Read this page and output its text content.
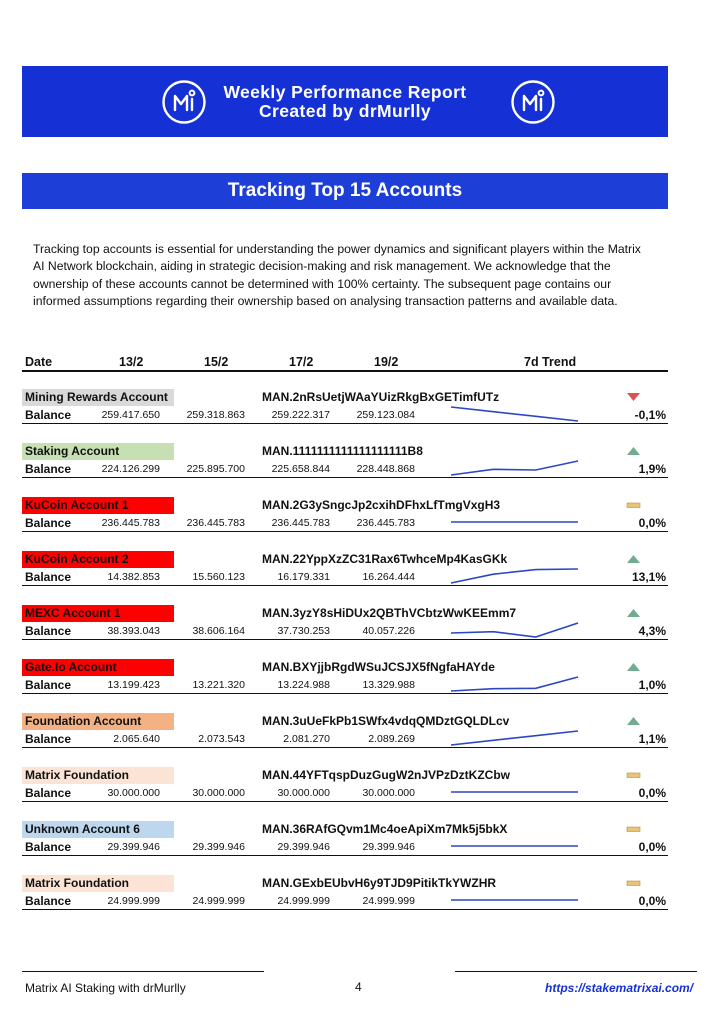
Weekly Performance Report
Created by drMurlly
Tracking Top 15 Accounts

Tracking top accounts is essential for understanding the power dynamics and significant players within the Matrix AI Network blockchain, aiding in strategic decision-making and risk management. We acknowledge that the ownership of these accounts cannot be determined with 100% certainty. The subsequent page contains our informed assumptions regarding their ownership based on analysing transaction patterns and available data.

Date	13/2	15/2	17/2	19/2	7d Trend
Mining Rewards Account	MAN.2nRsUetjWAaYUizRkgBxGETimfUTz
Balance	259.417.650	259.318.863	259.222.317	259.123.084	-0,1%
Staking Account	MAN.1111111111111111111B8
Balance	224.126.299	225.895.700	225.658.844	228.448.868	1,9%
KuCoin Account 1	MAN.2G3ySngcJp2cxihDFhxLfTmgVxgH3
Balance	236.445.783	236.445.783	236.445.783	236.445.783	0,0%
KuCoin Account 2	MAN.22YppXzZC31Rax6TwhceMp4KasGKk
Balance	14.382.853	15.560.123	16.179.331	16.264.444	13,1%
MEXC Account 1	MAN.3yzY8sHiDUx2QBThVCbtzWwKEEmm7
Balance	38.393.043	38.606.164	37.730.253	40.057.226	4,3%
Gate.Io Account	MAN.BXYjjbRgdWSuJCSJX5fNgfaHAYde
Balance	13.199.423	13.221.320	13.224.988	13.329.988	1,0%
Foundation Account	MAN.3uUeFkPb1SWfx4vdqQMDztGQLDLcv
Balance	2.065.640	2.073.543	2.081.270	2.089.269	1,1%
Matrix Foundation	MAN.44YFTqspDuzGugW2nJVPzDztKZCbw
Balance	30.000.000	30.000.000	30.000.000	30.000.000	0,0%
Unknown Account 6	MAN.36RAfGQvm1Mc4oeApiXm7Mk5j5bkX
Balance	29.399.946	29.399.946	29.399.946	29.399.946	0,0%
Matrix Foundation	MAN.GExbEUbvH6y9TJD9PitikTkYWZHR
Balance	24.999.999	24.999.999	24.999.999	24.999.999	0,0%
Matrix AI Staking with drMurlly	4	https://stakematrixai.com/
